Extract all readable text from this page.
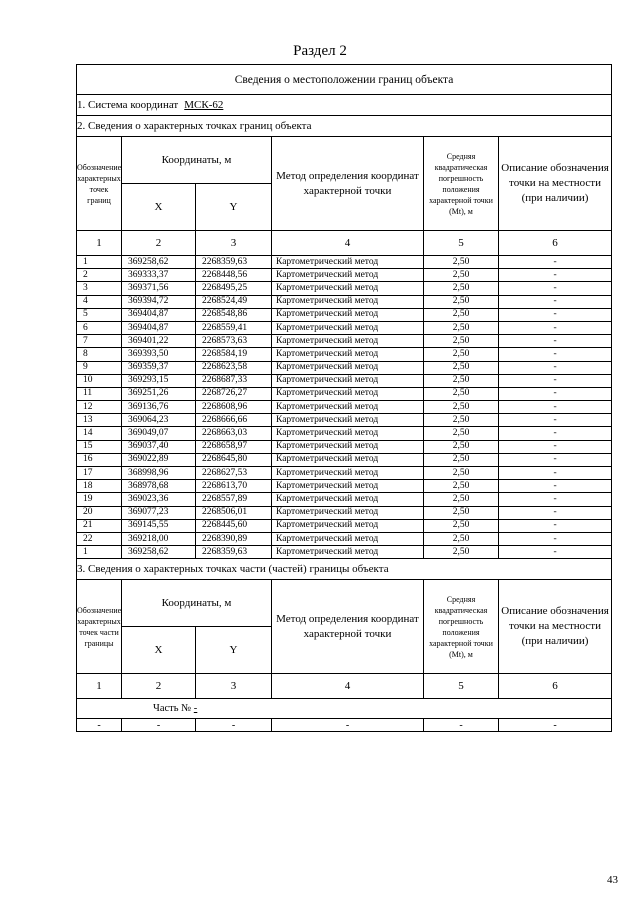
Раздел 2
Сведения о местоположении границ объекта					
1. Система координат МСК-62					
2. Сведения о характерных точках границ объекта					
Обозначение характерных точек границ	Координаты, м		Метод определения координат характерной точки	Средняя квадратическая погрешность положения характерной точки (Mt), м	Описание обозначения точки на местности (при наличии)
	X	Y			
1	2	3	4	5	6
1	369258,62	2268359,63	Картометрический метод	2,50	-
2	369333,37	2268448,56	Картометрический метод	2,50	-
3	369371,56	2268495,25	Картометрический метод	2,50	-
4	369394,72	2268524,49	Картометрический метод	2,50	-
5	369404,87	2268548,86	Картометрический метод	2,50	-
6	369404,87	2268559,41	Картометрический метод	2,50	-
7	369401,22	2268573,63	Картометрический метод	2,50	-
8	369393,50	2268584,19	Картометрический метод	2,50	-
9	369359,37	2268623,58	Картометрический метод	2,50	-
10	369293,15	2268687,33	Картометрический метод	2,50	-
11	369251,26	2268726,27	Картометрический метод	2,50	-
12	369136,76	2268608,96	Картометрический метод	2,50	-
13	369064,23	2268666,66	Картометрический метод	2,50	-
14	369049,07	2268663,03	Картометрический метод	2,50	-
15	369037,40	2268658,97	Картометрический метод	2,50	-
16	369022,89	2268645,80	Картометрический метод	2,50	-
17	368998,96	2268627,53	Картометрический метод	2,50	-
18	368978,68	2268613,70	Картометрический метод	2,50	-
19	369023,36	2268557,89	Картометрический метод	2,50	-
20	369077,23	2268506,01	Картометрический метод	2,50	-
21	369145,55	2268445,60	Картометрический метод	2,50	-
22	369218,00	2268390,89	Картометрический метод	2,50	-
1	369258,62	2268359,63	Картометрический метод	2,50	-
3. Сведения о характерных точках части (частей) границы объекта					
Обозначение характерных точек части границы	Координаты, м		Метод определения координат характерной точки	Средняя квадратическая погрешность положения характерной точки (Mt), м	Описание обозначения точки на местности (при наличии)
	X	Y			
1	2	3	4	5	6
Часть № -					
-	-	-	-	-	-
43
